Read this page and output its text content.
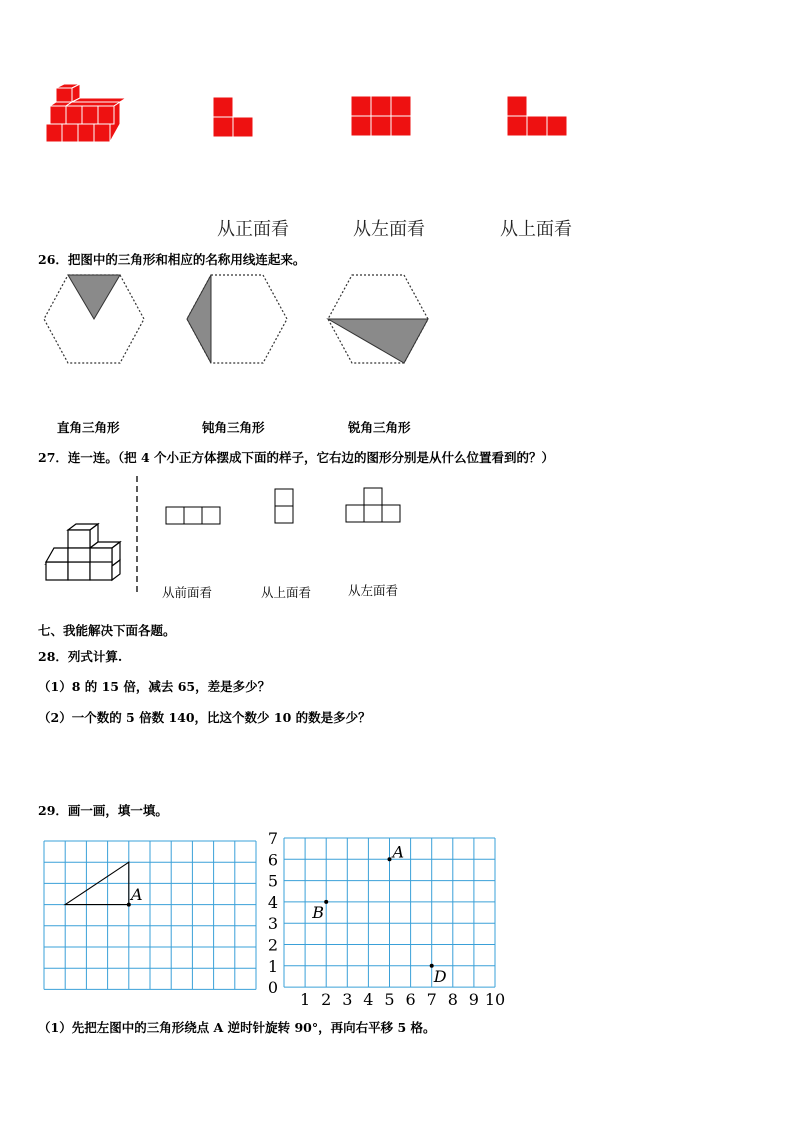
从正面看	从左面看	从上面看
26．把图中的三角形和相应的名称用线连起来。
直角三角形	钝角三角形	锐角三角形
27．连一连。（把 4 个小正方体摆成下面的样子，它右边的图形分别是从什么位置看到的？）
从前面看	从上面看	从左面看
七、我能解决下面各题。
28．列式计算.
（1）8 的 15 倍，减去 65，差是多少？
（2）一个数的 5 倍数 140，比这个数少 10 的数是多少？
29．画一画，填一填。
A
1 2 3 4 5 6 7 8 9 10
0
1
2
3
4
5
6
7
A
B
D
（1）先把左图中的三角形绕点 A 逆时针旋转 90°，再向右平移 5 格。
